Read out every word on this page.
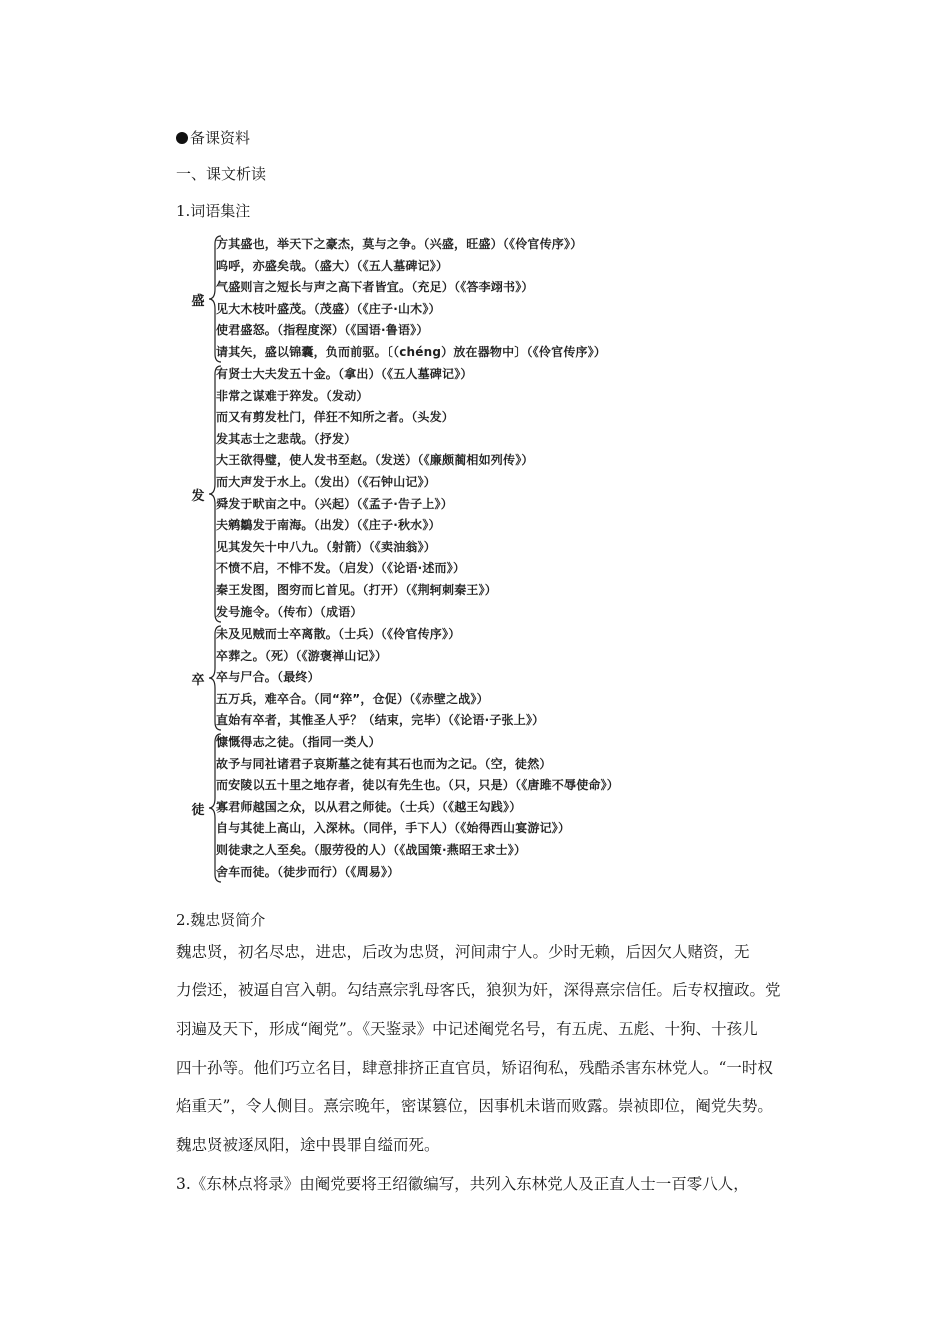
备课资料
一、课文析读
1.词语集注
盛
方其盛也，举天下之豪杰，莫与之争。（兴盛，旺盛）（《伶官传序》）
呜呼，亦盛矣哉。（盛大）（《五人墓碑记》）
气盛则言之短长与声之高下者皆宜。（充足）（《答李翊书》）
见大木枝叶盛茂。（茂盛）（《庄子·山木》）
使君盛怒。（指程度深）（《国语·鲁语》）
请其矢，盛以锦囊，负而前驱。〔（chéng）放在器物中〕（《伶官传序》）
发
有贤士大夫发五十金。（拿出）（《五人墓碑记》）
非常之谋难于猝发。（发动）
而又有剪发杜门，佯狂不知所之者。（头发）
发其志士之悲哉。（抒发）
大王欲得璧，使人发书至赵。（发送）（《廉颇蔺相如列传》）
而大声发于水上。（发出）（《石钟山记》）
舜发于畎亩之中。（兴起）（《孟子·告子上》）
夫鹓鶵发于南海。（出发）（《庄子·秋水》）
见其发矢十中八九。（射箭）（《卖油翁》）
不愤不启，不悱不发。（启发）（《论语·述而》）
秦王发图，图穷而匕首见。（打开）（《荆轲刺秦王》）
发号施令。（传布）（成语）
卒
未及见贼而士卒离散。（士兵）（《伶官传序》）
卒葬之。（死）（《游褒禅山记》）
卒与尸合。（最终）
五万兵，难卒合。（同“猝”，仓促）（《赤壁之战》）
直始有卒者，其惟圣人乎？（结束，完毕）（《论语·子张上》）
徒
慷慨得志之徒。（指同一类人）
故予与同社诸君子哀斯墓之徒有其石也而为之记。（空，徒然）
而安陵以五十里之地存者，徒以有先生也。（只，只是）（《唐雎不辱使命》）
寡君师越国之众，以从君之师徒。（士兵）（《越王勾践》）
自与其徒上高山，入深林。（同伴，手下人）（《始得西山宴游记》）
则徒隶之人至矣。（服劳役的人）（《战国策·燕昭王求士》）
舍车而徒。（徒步而行）（《周易》）
2.魏忠贤简介
魏忠贤，初名尽忠，进忠，后改为忠贤，河间肃宁人。少时无赖，后因欠人赌资，无
力偿还，被逼自宫入朝。勾结熹宗乳母客氏，狼狈为奸，深得熹宗信任。后专权擅政。党
羽遍及天下，形成“阉党”。《天鉴录》中记述阉党名号，有五虎、五彪、十狗、十孩儿
四十孙等。他们巧立名目，肆意排挤正直官员，矫诏徇私，残酷杀害东林党人。“一时权
焰重天”，令人侧目。熹宗晚年，密谋篡位，因事机未谐而败露。崇祯即位，阉党失势。
魏忠贤被逐凤阳，途中畏罪自缢而死。
3.《东林点将录》由阉党要将王绍徽编写，共列入东林党人及正直人士一百零八人，
